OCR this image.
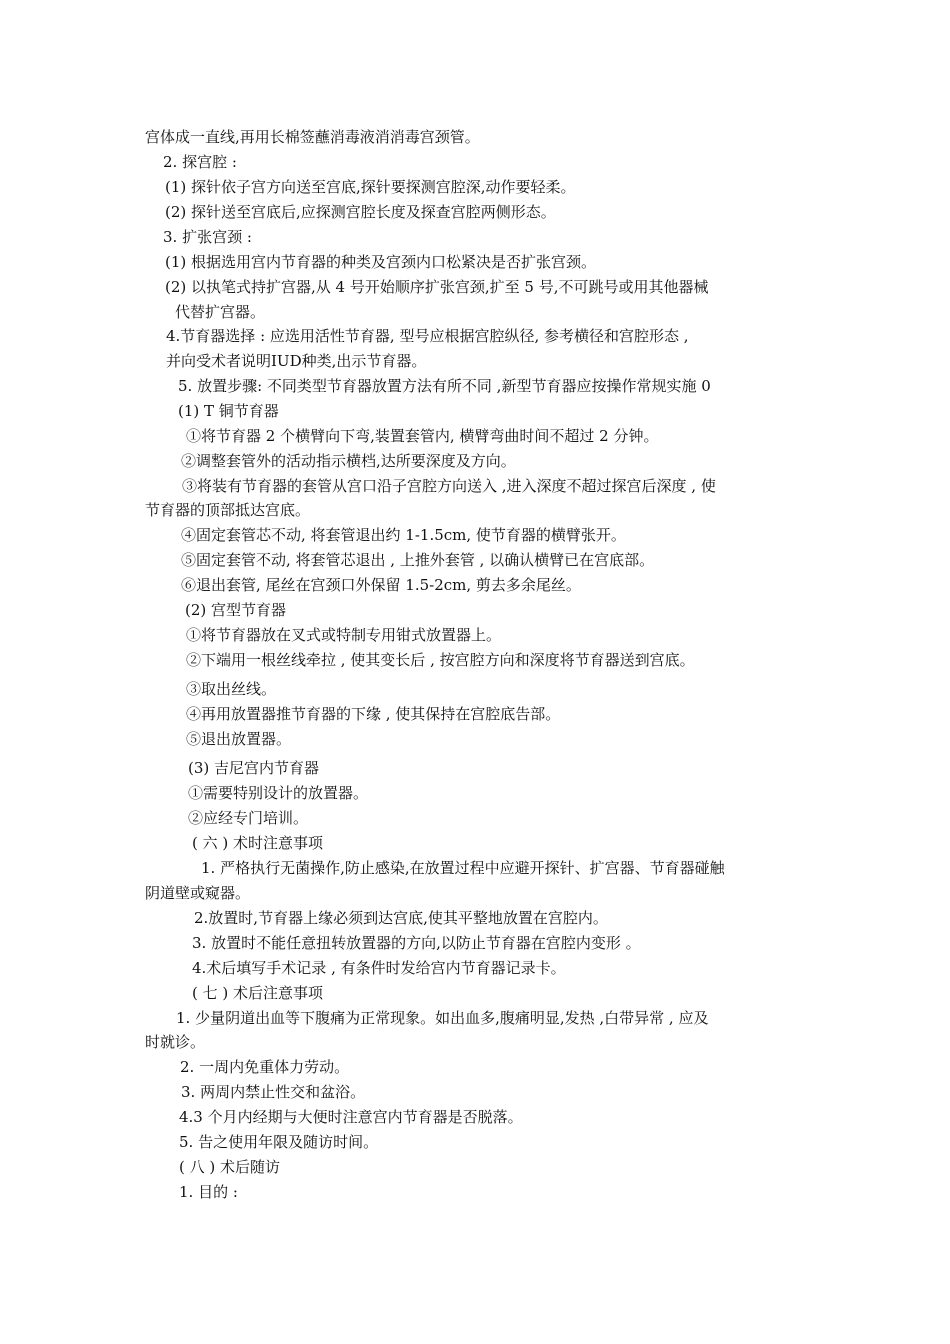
宫体成一直线,再用长棉签蘸消毒液消消毒宫颈管。
2. 探宫腔 :
(1) 探针依子宫方向送至宫底,探针要探测宫腔深,动作要轻柔。
(2) 探针送至宫底后,应探测宫腔长度及探查宫腔两侧形态。
3. 扩张宫颈 :
(1) 根据选用宫内节育器的种类及宫颈内口松紧决是否扩张宫颈。
(2) 以执笔式持扩宫器,从 4 号开始顺序扩张宫颈,扩至 5 号,不可跳号或用其他器械
代替扩宫器。
4.节育器选择 : 应选用活性节育器, 型号应根据宫腔纵径, 参考横径和宫腔形态 ,
并向受术者说明IUD种类,出示节育器。
5. 放置步骤: 不同类型节育器放置方法有所不同 ,新型节育器应按操作常规实施 0
(1) T 铜节育器
①将节育器 2 个横臂向下弯,装置套管内, 横臂弯曲时间不超过 2 分钟。
②调整套管外的活动指示横档,达所要深度及方向。
③将装有节育器的套管从宫口沿子宫腔方向送入 ,进入深度不超过探宫后深度 , 使
节育器的顶部抵达宫底。
④固定套管芯不动, 将套管退出约 1-1.5cm, 使节育器的横臂张开。
⑤固定套管不动, 将套管芯退出 , 上推外套管 , 以确认横臂已在宫底部。
⑥退出套管, 尾丝在宫颈口外保留 1.5-2cm, 剪去多余尾丝。
(2) 宫型节育器
①将节育器放在叉式或特制专用钳式放置器上。
②下端用一根丝线牵拉 , 使其变长后 , 按宫腔方向和深度将节育器送到宫底。
③取出丝线。
④再用放置器推节育器的下缘 , 使其保持在宫腔底告部。
⑤退出放置器。
(3) 吉尼宫内节育器
①需要特别设计的放置器。
②应经专门培训。
( 六 ) 术时注意事项
1. 严格执行无菌操作,防止感染,在放置过程中应避开探针、扩宫器、节育器碰触
阴道壁或窥器。
2.放置时,节育器上缘必须到达宫底,使其平整地放置在宫腔内。
3. 放置时不能任意扭转放置器的方向,以防止节育器在宫腔内变形 。
4.术后填写手术记录 , 有条件时发给宫内节育器记录卡。
( 七 ) 术后注意事项
1. 少量阴道出血等下腹痛为正常现象。如出血多,腹痛明显,发热 ,白带异常 , 应及
时就诊。
2. 一周内免重体力劳动。
3. 两周内禁止性交和盆浴。
4.3 个月内经期与大便时注意宫内节育器是否脱落。
5. 告之使用年限及随访时间。
( 八 ) 术后随访
1. 目的 :
